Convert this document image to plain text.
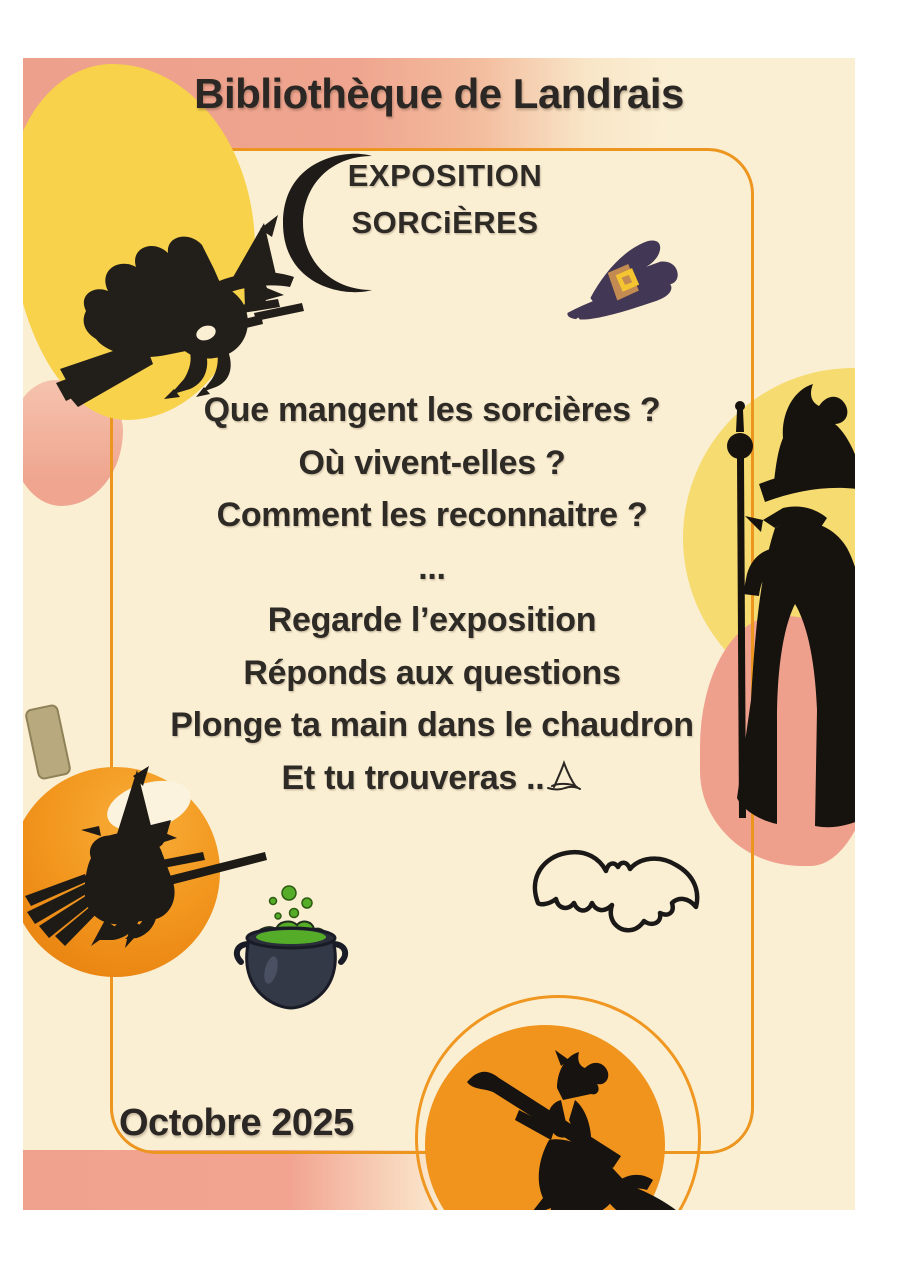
Bibliothèque de Landrais
EXPOSITION
SORCiÈRES

Que mangent les sorcières ?

Où vivent-elles ?

Comment les reconnaitre ?

...

Regarde l’exposition

Réponds aux questions

Plonge ta main dans le chaudron

Et tu trouveras ..

Octobre 2025
